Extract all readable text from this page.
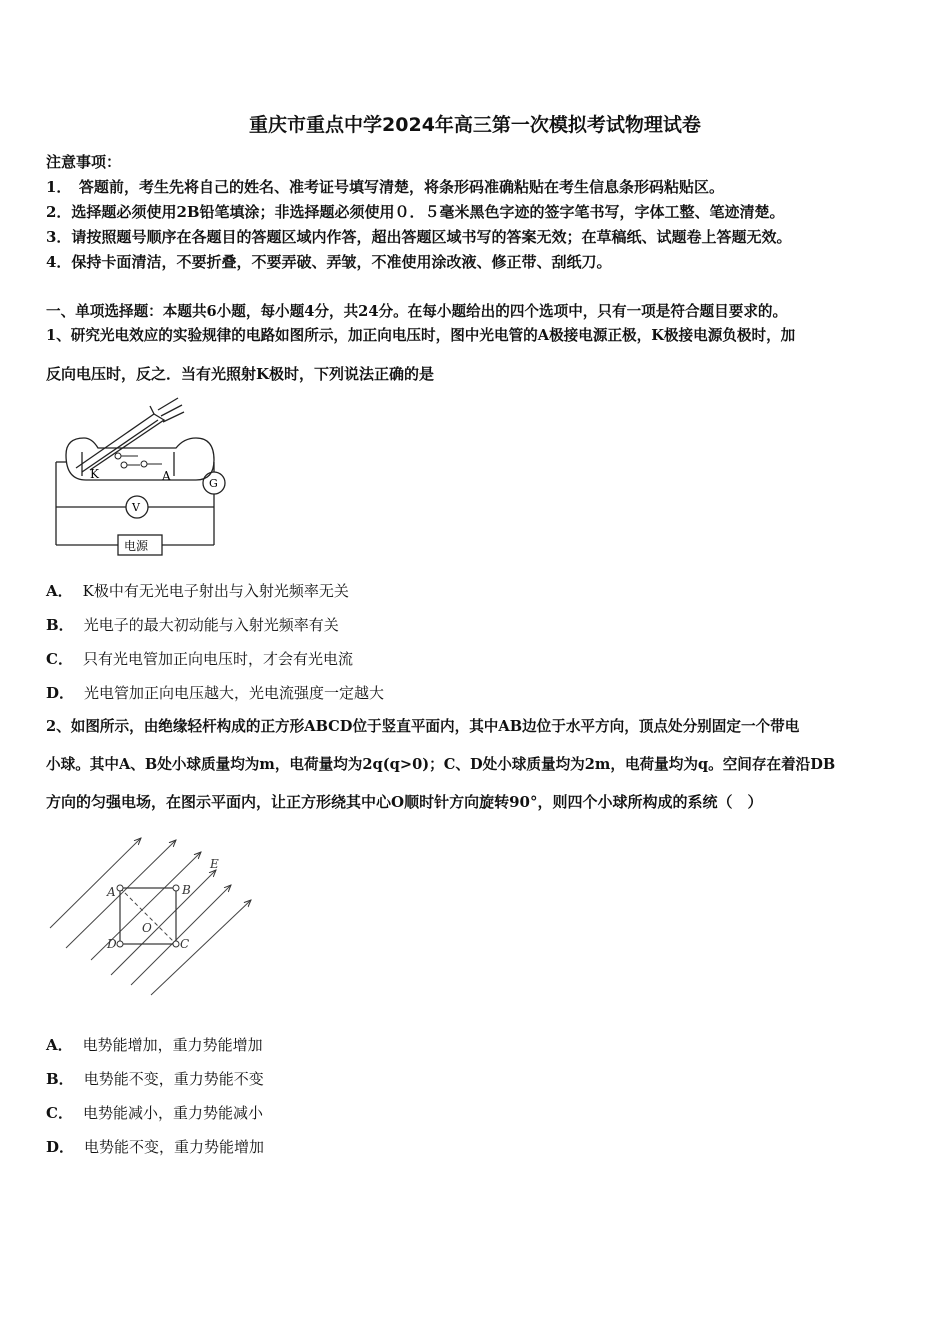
重庆市重点中学2024年高三第一次模拟考试物理试卷
注意事项：
1．　答题前，考生先将自己的姓名、准考证号填写清楚，将条形码准确粘贴在考生信息条形码粘贴区。
2．选择题必须使用2B铅笔填涂；非选择题必须使用０．５毫米黑色字迹的签字笔书写，字体工整、笔迹清楚。
3．请按照题号顺序在各题目的答题区域内作答，超出答题区域书写的答案无效；在草稿纸、试题卷上答题无效。
4．保持卡面清洁，不要折叠，不要弄破、弄皱，不准使用涂改液、修正带、刮纸刀。
一、单项选择题：本题共6小题，每小题4分，共24分。在每小题给出的四个选项中，只有一项是符合题目要求的。
1、研究光电效应的实验规律的电路如图所示，加正向电压时，图中光电管的A极接电源正极，K极接电源负极时，加
反向电压时，反之．当有光照射K极时，下列说法正确的是
K	A
G
V
电源
A． K极中有无光电子射出与入射光频率无关
B． 光电子的最大初动能与入射光频率有关
C． 只有光电管加正向电压时，才会有光电流
D． 光电管加正向电压越大，光电流强度一定越大
2、如图所示，由绝缘轻杆构成的正方形ABCD位于竖直平面内，其中AB边位于水平方向，顶点处分别固定一个带电
小球。其中A、B处小球质量均为m，电荷量均为2q(q>0)；C、D处小球质量均为2m，电荷量均为q。空间存在着沿DB
方向的匀强电场，在图示平面内，让正方形绕其中心O顺时针方向旋转90°，则四个小球所构成的系统（　）
E
A	B
C
D
O
A． 电势能增加，重力势能增加
B． 电势能不变，重力势能不变
C． 电势能减小，重力势能减小
D． 电势能不变，重力势能增加
